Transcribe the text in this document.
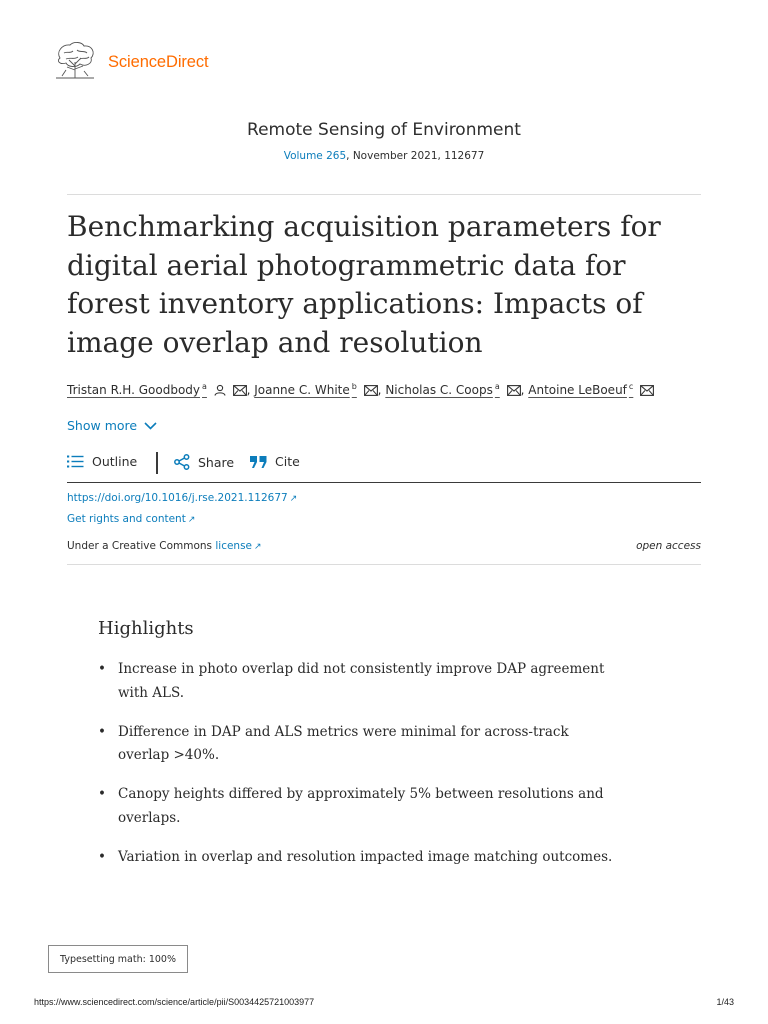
ScienceDirect
Remote Sensing of Environment
Volume 265, November 2021, 112677
Benchmarking acquisition parameters for digital aerial photogrammetric data for forest inventory applications: Impacts of image overlap and resolution
Tristan R.H. Goodbody $^a$	, Joanne C. White $^b$ , Nicholas C. Coops $^a$ , Antoine LeBoeuf $^c$
Show more
Outline	Share	Cite
https://doi.org/10.1016/j.rse.2021.112677 ↗
Get rights and content ↗
Under a Creative Commons license ↗	open access
Highlights
• Increase in photo overlap did not consistently improve DAP agreement with ALS.
• Difference in DAP and ALS metrics were minimal for across-track overlap >40%.
• Canopy heights differed by approximately 5% between resolutions and overlaps.
• Variation in overlap and resolution impacted image matching outcomes.
Typesetting math: 100%
https://www.sciencedirect.com/science/article/pii/S0034425721003977	1/43
